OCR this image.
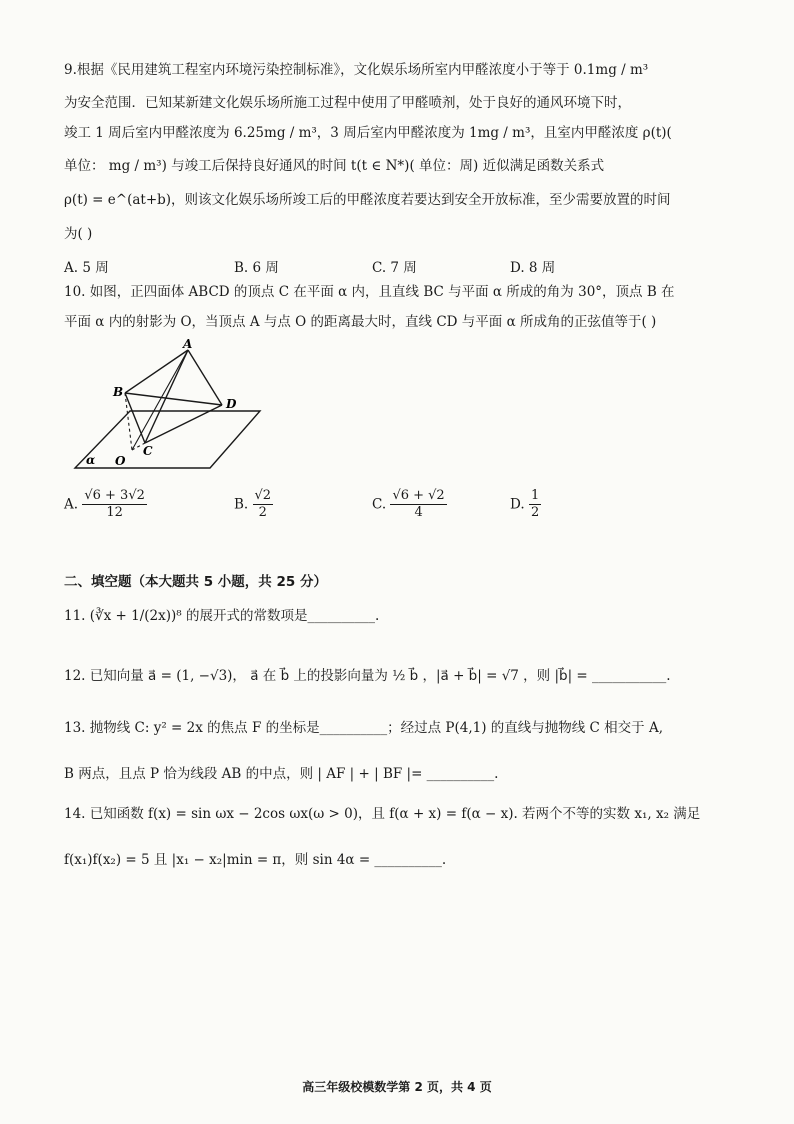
9.根据《民用建筑工程室内环境污染控制标准》，文化娱乐场所室内甲醛浓度小于等于 0.1mg / m³
为安全范围．已知某新建文化娱乐场所施工过程中使用了甲醛喷剂，处于良好的通风环境下时，
竣工 1 周后室内甲醛浓度为 6.25mg / m³，3 周后室内甲醛浓度为 1mg / m³，且室内甲醛浓度 ρ(t)(
单位： mg / m³) 与竣工后保持良好通风的时间 t(t ∈ N*)( 单位：周) 近似满足函数关系式
ρ(t) = e^(at+b)，则该文化娱乐场所竣工后的甲醛浓度若要达到安全开放标准，至少需要放置的时间
为( )
A. 5 周	B. 6 周	C. 7 周	D. 8 周
10. 如图，正四面体 ABCD 的顶点 C 在平面 α 内，且直线 BC 与平面 α 所成的角为 30°，顶点 B 在
平面 α 内的射影为 O，当顶点 A 与点 O 的距离最大时，直线 CD 与平面 α 所成角的正弦值等于( )
A
B
D
C
O
α
A. $\frac{√6 + 3√2}{12}$	B. $\frac{√2}{2}$	C. $\frac{√6 + √2}{4}$	D. $\frac{1}{2}$
二、填空题（本大题共 5 小题，共 25 分）
11. (∛x + 1/(2x))⁸ 的展开式的常数项是__________.
12. 已知向量 a⃗ = (1, −√3)， a⃗ 在 b⃗ 上的投影向量为 ½ b⃗ ，|a⃗ + b⃗| = √7 ，则 |b⃗| = ___________.
13. 抛物线 C: y² = 2x 的焦点 F 的坐标是__________；经过点 P(4,1) 的直线与抛物线 C 相交于 A,
B 两点，且点 P 恰为线段 AB 的中点，则 | AF | + | BF |= __________.
14. 已知函数 f(x) = sin ωx − 2cos ωx(ω > 0)，且 f(α + x) = f(α − x). 若两个不等的实数 x₁, x₂ 满足
f(x₁)f(x₂) = 5 且 |x₁ − x₂|min = π，则 sin 4α = __________.
高三年级校模数学第 2 页，共 4 页
